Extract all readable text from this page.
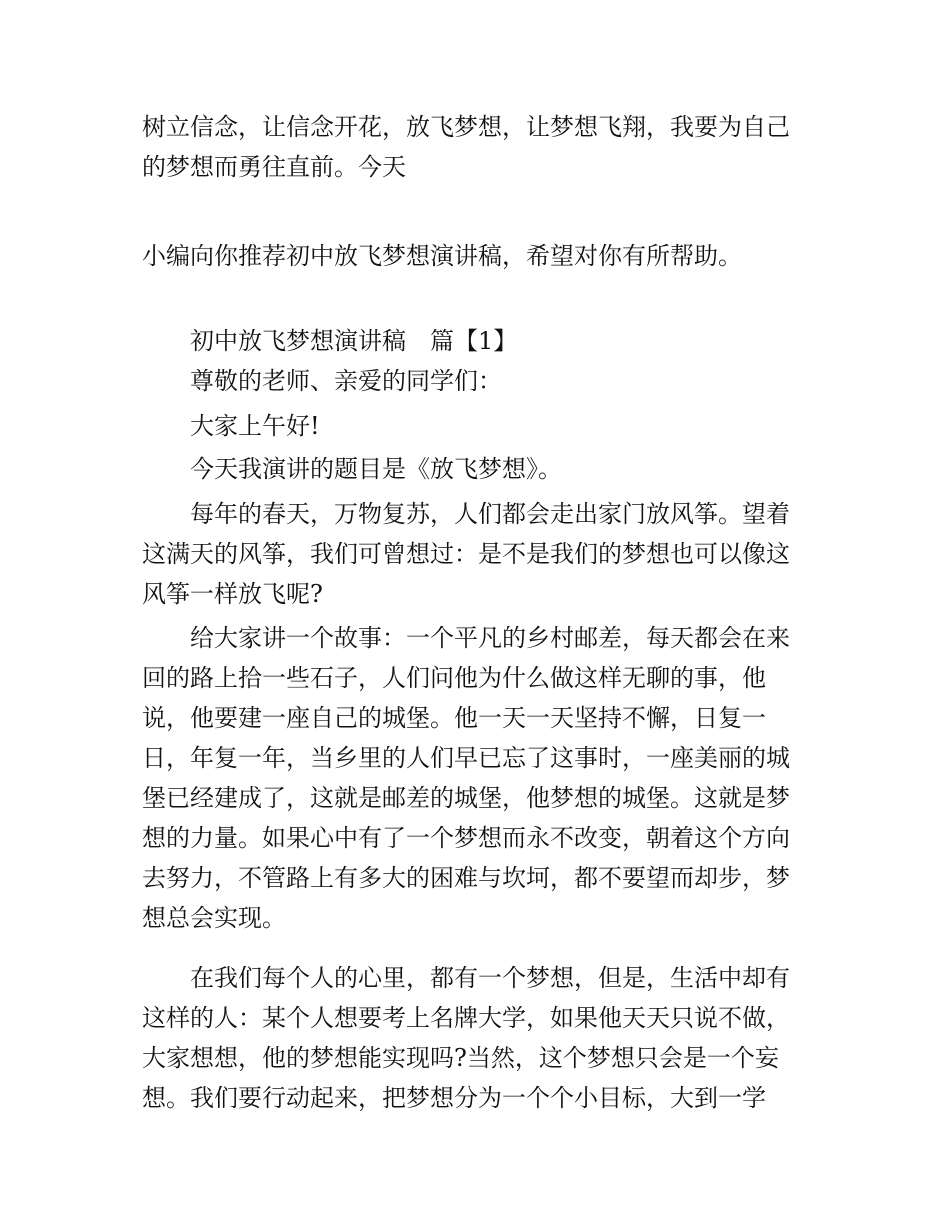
树立信念，让信念开花，放飞梦想，让梦想飞翔，我要为自己

的梦想而勇往直前。今天

小编向你推荐初中放飞梦想演讲稿，希望对你有所帮助。

初中放飞梦想演讲稿　篇【1】

尊敬的老师、亲爱的同学们：

大家上午好!

今天我演讲的题目是《放飞梦想》。

每年的春天，万物复苏，人们都会走出家门放风筝。望着
这满天的风筝，我们可曾想过：是不是我们的梦想也可以像这
风筝一样放飞呢?
给大家讲一个故事：一个平凡的乡村邮差，每天都会在来
回的路上拾一些石子，人们问他为什么做这样无聊的事，他
说，他要建一座自己的城堡。他一天一天坚持不懈，日复一
日，年复一年，当乡里的人们早已忘了这事时，一座美丽的城
堡已经建成了，这就是邮差的城堡，他梦想的城堡。这就是梦
想的力量。如果心中有了一个梦想而永不改变，朝着这个方向
去努力，不管路上有多大的困难与坎坷，都不要望而却步，梦
想总会实现。
在我们每个人的心里，都有一个梦想，但是，生活中却有
这样的人：某个人想要考上名牌大学，如果他天天只说不做，
大家想想，他的梦想能实现吗?当然，这个梦想只会是一个妄
想。我们要行动起来，把梦想分为一个个小目标，大到一学
